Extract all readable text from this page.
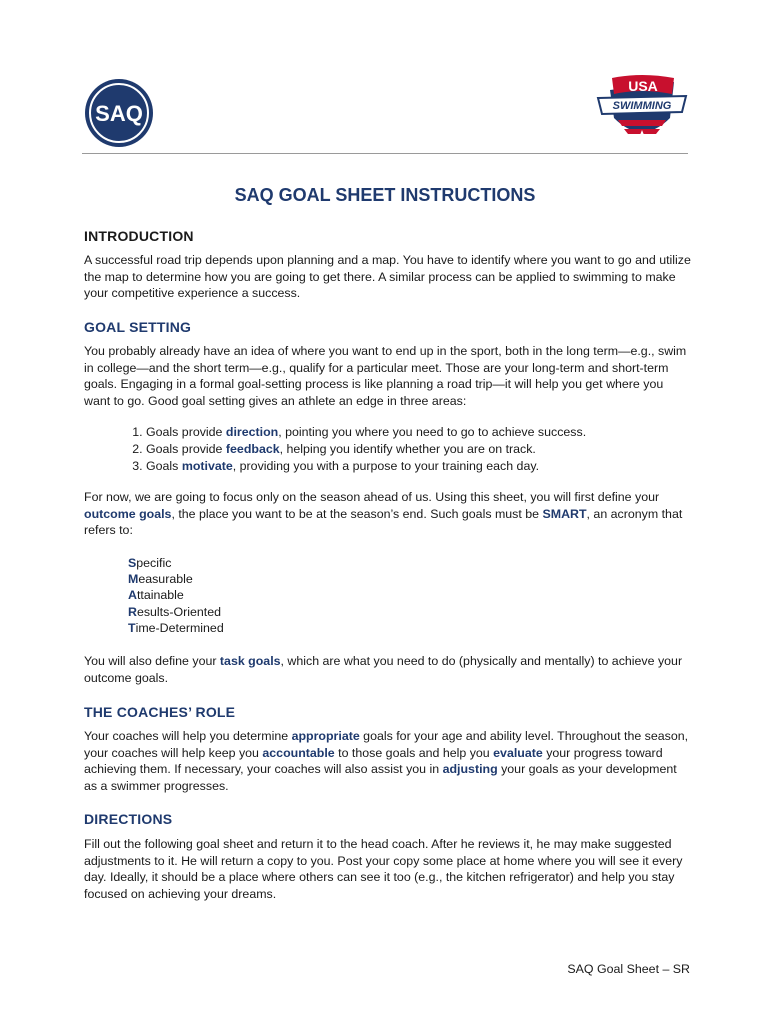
SAQ
USA
SWIMMING
SAQ GOAL SHEET INSTRUCTIONS
INTRODUCTION

A successful road trip depends upon planning and a map. You have to identify where you want to go and utilize the map to determine how you are going to get there. A similar process can be applied to swimming to make your competitive experience a success.

GOAL SETTING

You probably already have an idea of where you want to end up in the sport, both in the long term—e.g., swim in college—and the short term—e.g., qualify for a particular meet. Those are your long-term and short-term goals. Engaging in a formal goal-setting process is like planning a road trip—it will help you get where you want to go. Good goal setting gives an athlete an edge in three areas:

1. Goals provide direction, pointing you where you need to go to achieve success.
2. Goals provide feedback, helping you identify whether you are on track.
3. Goals motivate, providing you with a purpose to your training each day.

For now, we are going to focus only on the season ahead of us. Using this sheet, you will first define your outcome goals, the place you want to be at the season’s end. Such goals must be SMART, an acronym that refers to:

Specific
Measurable
Attainable
Results-Oriented
Time-Determined

You will also define your task goals, which are what you need to do (physically and mentally) to achieve your outcome goals.

THE COACHES’ ROLE

Your coaches will help you determine appropriate goals for your age and ability level. Throughout the season, your coaches will help keep you accountable to those goals and help you evaluate your progress toward achieving them. If necessary, your coaches will also assist you in adjusting your goals as your development as a swimmer progresses.

DIRECTIONS

Fill out the following goal sheet and return it to the head coach. After he reviews it, he may make suggested adjustments to it. He will return a copy to you. Post your copy some place at home where you will see it every day. Ideally, it should be a place where others can see it too (e.g., the kitchen refrigerator) and help you stay focused on achieving your dreams.

SAQ Goal Sheet – SR
